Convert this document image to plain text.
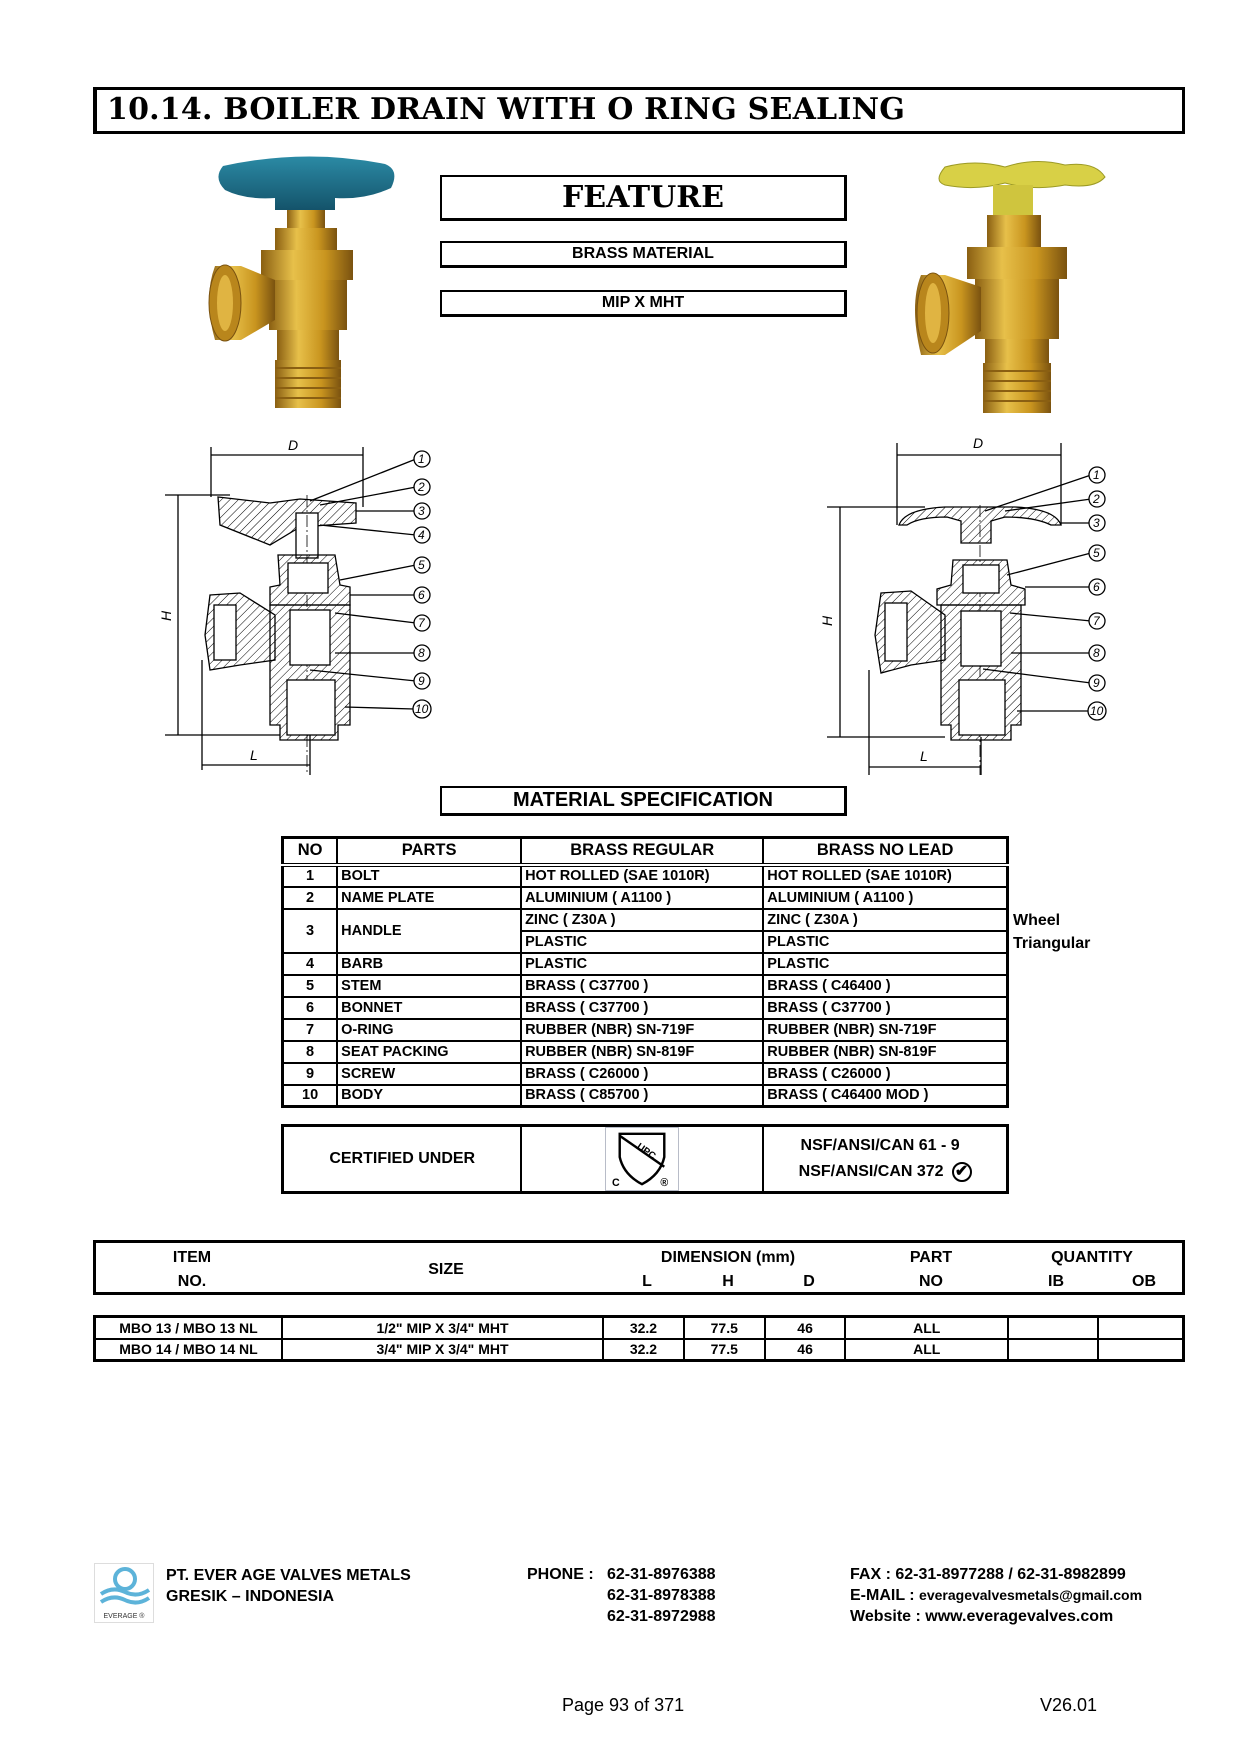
10.14. BOILER DRAIN WITH O RING SEALING
FEATURE
BRASS MATERIAL
MIP X MHT
D
H
L
1
2
3
4
5
6
7
8
9
10
D
H
L
1
2
3
5
6
7
8
9
10
MATERIAL SPECIFICATION
NO	PARTS	BRASS REGULAR	BRASS NO LEAD
1	BOLT	HOT ROLLED (SAE 1010R)	HOT ROLLED (SAE 1010R)
2	NAME PLATE	ALUMINIUM ( A1100 )	ALUMINIUM ( A1100 )
3	HANDLE	ZINC ( Z30A )	ZINC ( Z30A )
		PLASTIC	PLASTIC
4	BARB	PLASTIC	PLASTIC
5	STEM	BRASS ( C37700 )	BRASS ( C46400 )
6	BONNET	BRASS ( C37700 )	BRASS ( C37700 )
7	O-RING	RUBBER (NBR) SN-719F	RUBBER (NBR) SN-719F
8	SEAT PACKING	RUBBER (NBR) SN-819F	RUBBER (NBR) SN-819F
9	SCREW	BRASS ( C26000 )	BRASS ( C26000 )
10	BODY	BRASS ( C85700 )	BRASS ( C46400 MOD )
Wheel
Triangular
CERTIFIED UNDER	UPC
C	®

NSF/ANSI/CAN 61 - 9
NSF/ANSI/CAN 372 ✔
ITEM
NO.
SIZE
DIMENSION (mm)
L	H	D
PART
NO
QUANTITY
IB	OB
MBO 13 / MBO 13 NL	1/2" MIP X 3/4" MHT	32.2	77.5	46	ALL		
MBO 14 / MBO 14 NL	3/4" MIP X 3/4" MHT	32.2	77.5	46	ALL		
EVERAGE ®
PT. EVER AGE VALVES METALS
GRESIK – INDONESIA
PHONE : 62-31-8976388
62-31-8978388
62-31-8972988
FAX : 62-31-8977288 / 62-31-8982899
E-MAIL : everagevalvesmetals@gmail.com
Website : www.everagevalves.com
Page 93 of 371	V26.01
